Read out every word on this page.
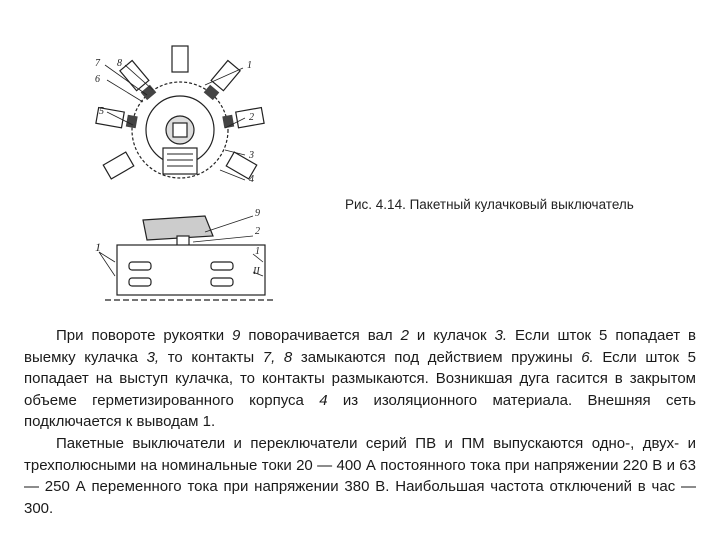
7 8
6
5
1
2
3
4
9
2
1	1
II
Рис. 4.14. Пакетный кулачковый выключатель

При повороте рукоятки 9 поворачивается вал 2 и кулачок 3. Если шток 5 попадает в выемку кулачка 3, то контакты 7, 8 замыкаются под действием пружины 6. Если шток 5 попадает на выступ кулачка, то контакты размыкаются. Возникшая дуга гасится в закрытом объеме герметизированного корпуса 4 из изоляционного материала. Внешняя сеть подключается к выводам 1.

Пакетные выключатели и переключатели серий ПВ и ПМ выпускаются одно-, двух- и трехполюсными на номинальные токи 20 — 400 А постоянного тока при напряжении 220 В и 63 — 250 А переменного тока при напряжении 380 В. Наибольшая частота отключений в час — 300.
